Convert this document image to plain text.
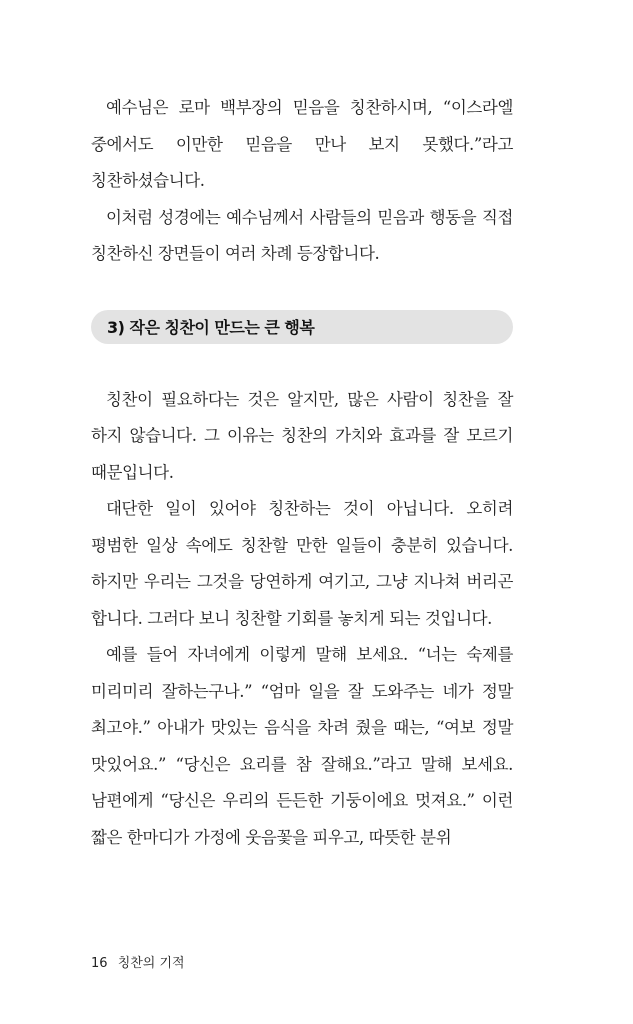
예수님은 로마 백부장의 믿음을 칭찬하시며, “이스라엘 중에서도 이만한 믿음을 만나 보지 못했다.”라고 칭찬하셨습니다.

이처럼 성경에는 예수님께서 사람들의 믿음과 행동을 직접 칭찬하신 장면들이 여러 차례 등장합니다.

3) 작은 칭찬이 만드는 큰 행복

칭찬이 필요하다는 것은 알지만, 많은 사람이 칭찬을 잘 하지 않습니다. 그 이유는 칭찬의 가치와 효과를 잘 모르기 때문입니다.

대단한 일이 있어야 칭찬하는 것이 아닙니다. 오히려 평범한 일상 속에도 칭찬할 만한 일들이 충분히 있습니다. 하지만 우리는 그것을 당연하게 여기고, 그냥 지나쳐 버리곤 합니다. 그러다 보니 칭찬할 기회를 놓치게 되는 것입니다.

예를 들어 자녀에게 이렇게 말해 보세요. “너는 숙제를 미리미리 잘하는구나.” “엄마 일을 잘 도와주는 네가 정말 최고야.” 아내가 맛있는 음식을 차려 줬을 때는, “여보 정말 맛있어요.” “당신은 요리를 참 잘해요.”라고 말해 보세요. 남편에게 “당신은 우리의 든든한 기둥이에요 멋져요.” 이런 짧은 한마디가 가정에 웃음꽃을 피우고, 따뜻한 분위

16 칭찬의 기적
